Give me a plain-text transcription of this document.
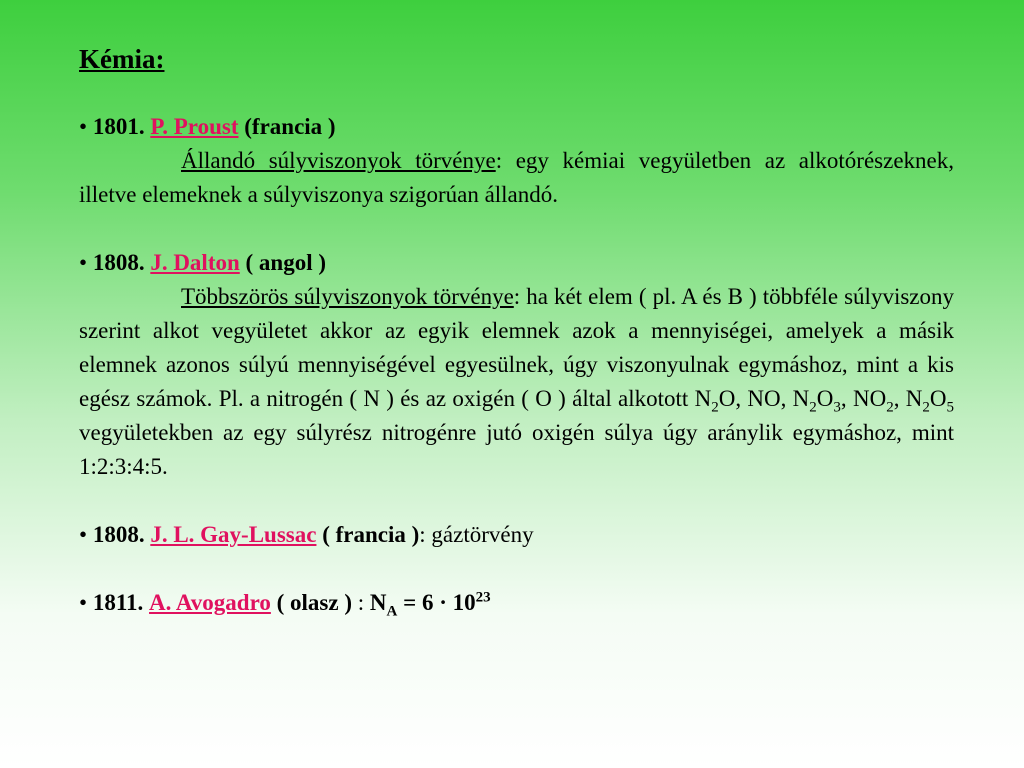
Kémia:

• 1801. P. Proust (francia )

Állandó súlyviszonyok törvénye: egy kémiai vegyületben az alkotórészeknek, illetve elemeknek a súlyviszonya szigorúan állandó.

• 1808. J. Dalton ( angol )

Többszörös súlyviszonyok törvénye: ha két elem ( pl. A és B ) többféle súlyviszony szerint alkot vegyületet akkor az egyik elemnek azok a mennyiségei, amelyek a másik elemnek azonos súlyú mennyiségével egyesülnek, úgy viszonyulnak egymáshoz, mint a kis egész számok. Pl. a nitrogén ( N ) és az oxigén ( O ) által alkotott $N_2O$, NO, $N_2O_3$, $NO_2$, $N_2O_5$ vegyületekben az egy súlyrész nitrogénre jutó oxigén súlya úgy aránylik egymáshoz, mint 1:2:3:4:5.

• 1808. J. L. Gay-Lussac ( francia ): gáztörvény

• 1811. A. Avogadro ( olasz ) : $N_A = 6 \cdot 10^{23}$
